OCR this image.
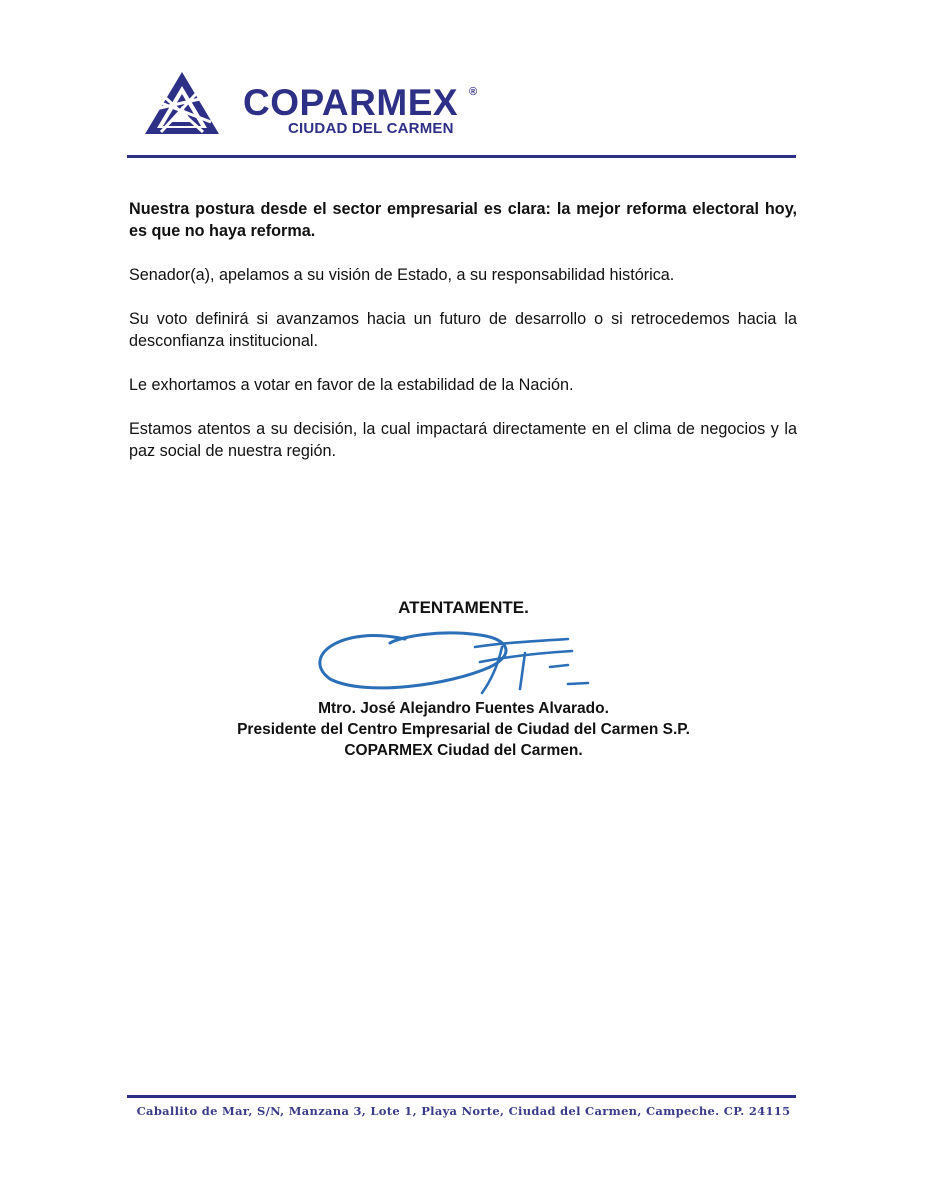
COPARMEX ®

CIUDAD DEL CARMEN

Nuestra postura desde el sector empresarial es clara: la mejor reforma electoral hoy, es que no haya reforma.

Senador(a), apelamos a su visión de Estado, a su responsabilidad histórica.

Su voto definirá si avanzamos hacia un futuro de desarrollo o si retrocedemos hacia la desconfianza institucional.

Le exhortamos a votar en favor de la estabilidad de la Nación.

Estamos atentos a su decisión, la cual impactará directamente en el clima de negocios y la paz social de nuestra región.

ATENTAMENTE.

Mtro. José Alejandro Fuentes Alvarado.

Presidente del Centro Empresarial de Ciudad del Carmen S.P.

COPARMEX Ciudad del Carmen.

Caballito de Mar, S/N, Manzana 3, Lote 1, Playa Norte, Ciudad del Carmen, Campeche. CP. 24115
